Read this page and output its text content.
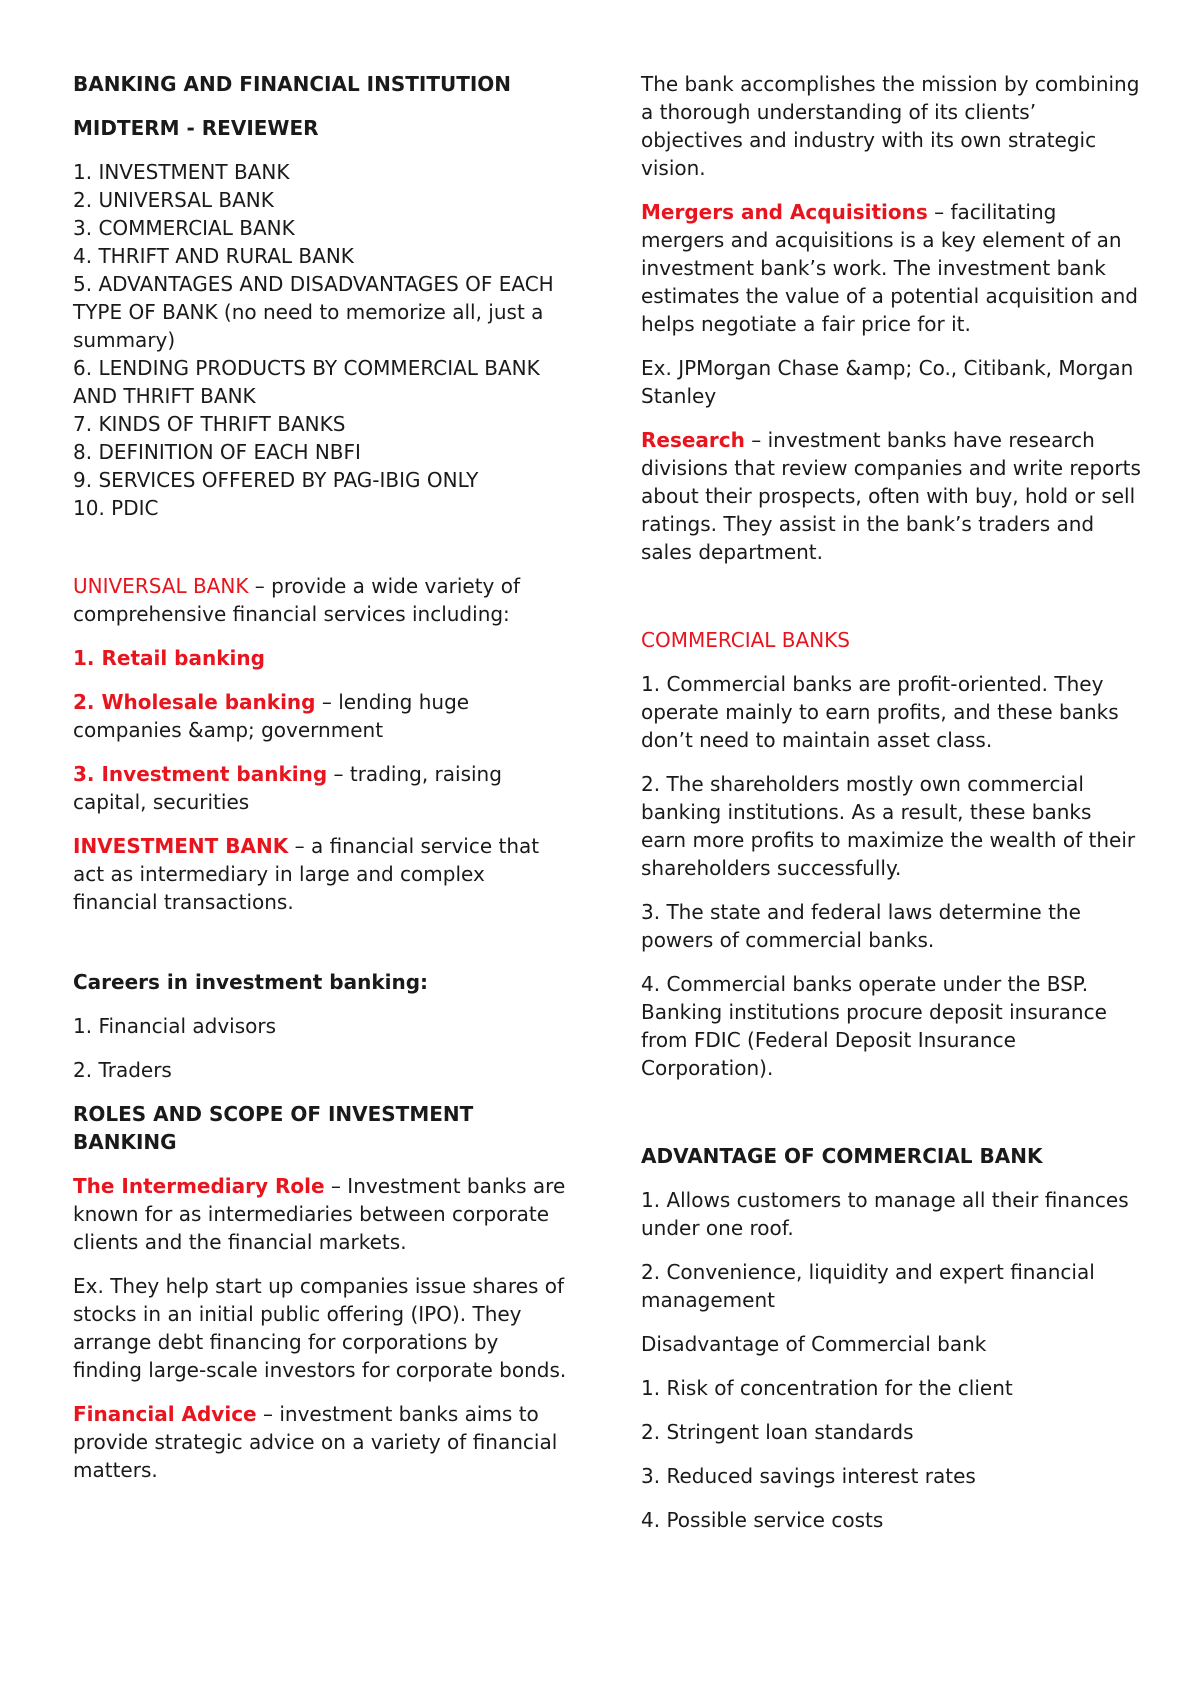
BANKING AND FINANCIAL INSTITUTION

MIDTERM - REVIEWER

1. INVESTMENT BANK
2. UNIVERSAL BANK
3. COMMERCIAL BANK
4. THRIFT AND RURAL BANK
5. ADVANTAGES AND DISADVANTAGES OF EACH TYPE OF BANK (no need to memorize all, just a summary)
6. LENDING PRODUCTS BY COMMERCIAL BANK AND THRIFT BANK
7. KINDS OF THRIFT BANKS
8. DEFINITION OF EACH NBFI
9. SERVICES OFFERED BY PAG-IBIG ONLY
10. PDIC

UNIVERSAL BANK – provide a wide variety of comprehensive financial services including:

1. Retail banking

2. Wholesale banking – lending huge companies &amp; government

3. Investment banking – trading, raising capital, securities

INVESTMENT BANK – a financial service that act as intermediary in large and complex financial transactions.

Careers in investment banking:

1. Financial advisors

2. Traders

ROLES AND SCOPE OF INVESTMENT BANKING

The Intermediary Role – Investment banks are known for as intermediaries between corporate clients and the financial markets.

Ex. They help start up companies issue shares of stocks in an initial public offering (IPO). They arrange debt financing for corporations by finding large-scale investors for corporate bonds.

Financial Advice – investment banks aims to provide strategic advice on a variety of financial matters.

The bank accomplishes the mission by combining a thorough understanding of its clients’ objectives and industry with its own strategic vision.

Mergers and Acquisitions – facilitating mergers and acquisitions is a key element of an investment bank’s work. The investment bank estimates the value of a potential acquisition and helps negotiate a fair price for it.

Ex. JPMorgan Chase &amp; Co., Citibank, Morgan Stanley

Research – investment banks have research divisions that review companies and write reports about their prospects, often with buy, hold or sell ratings. They assist in the bank’s traders and sales department.

COMMERCIAL BANKS

1. Commercial banks are profit-oriented. They operate mainly to earn profits, and these banks don’t need to maintain asset class.

2. The shareholders mostly own commercial banking institutions. As a result, these banks earn more profits to maximize the wealth of their shareholders successfully.

3. The state and federal laws determine the powers of commercial banks.

4. Commercial banks operate under the BSP. Banking institutions procure deposit insurance from FDIC (Federal Deposit Insurance Corporation).

ADVANTAGE OF COMMERCIAL BANK

1. Allows customers to manage all their finances under one roof.

2. Convenience, liquidity and expert financial management

Disadvantage of Commercial bank

1. Risk of concentration for the client

2. Stringent loan standards

3. Reduced savings interest rates

4. Possible service costs
